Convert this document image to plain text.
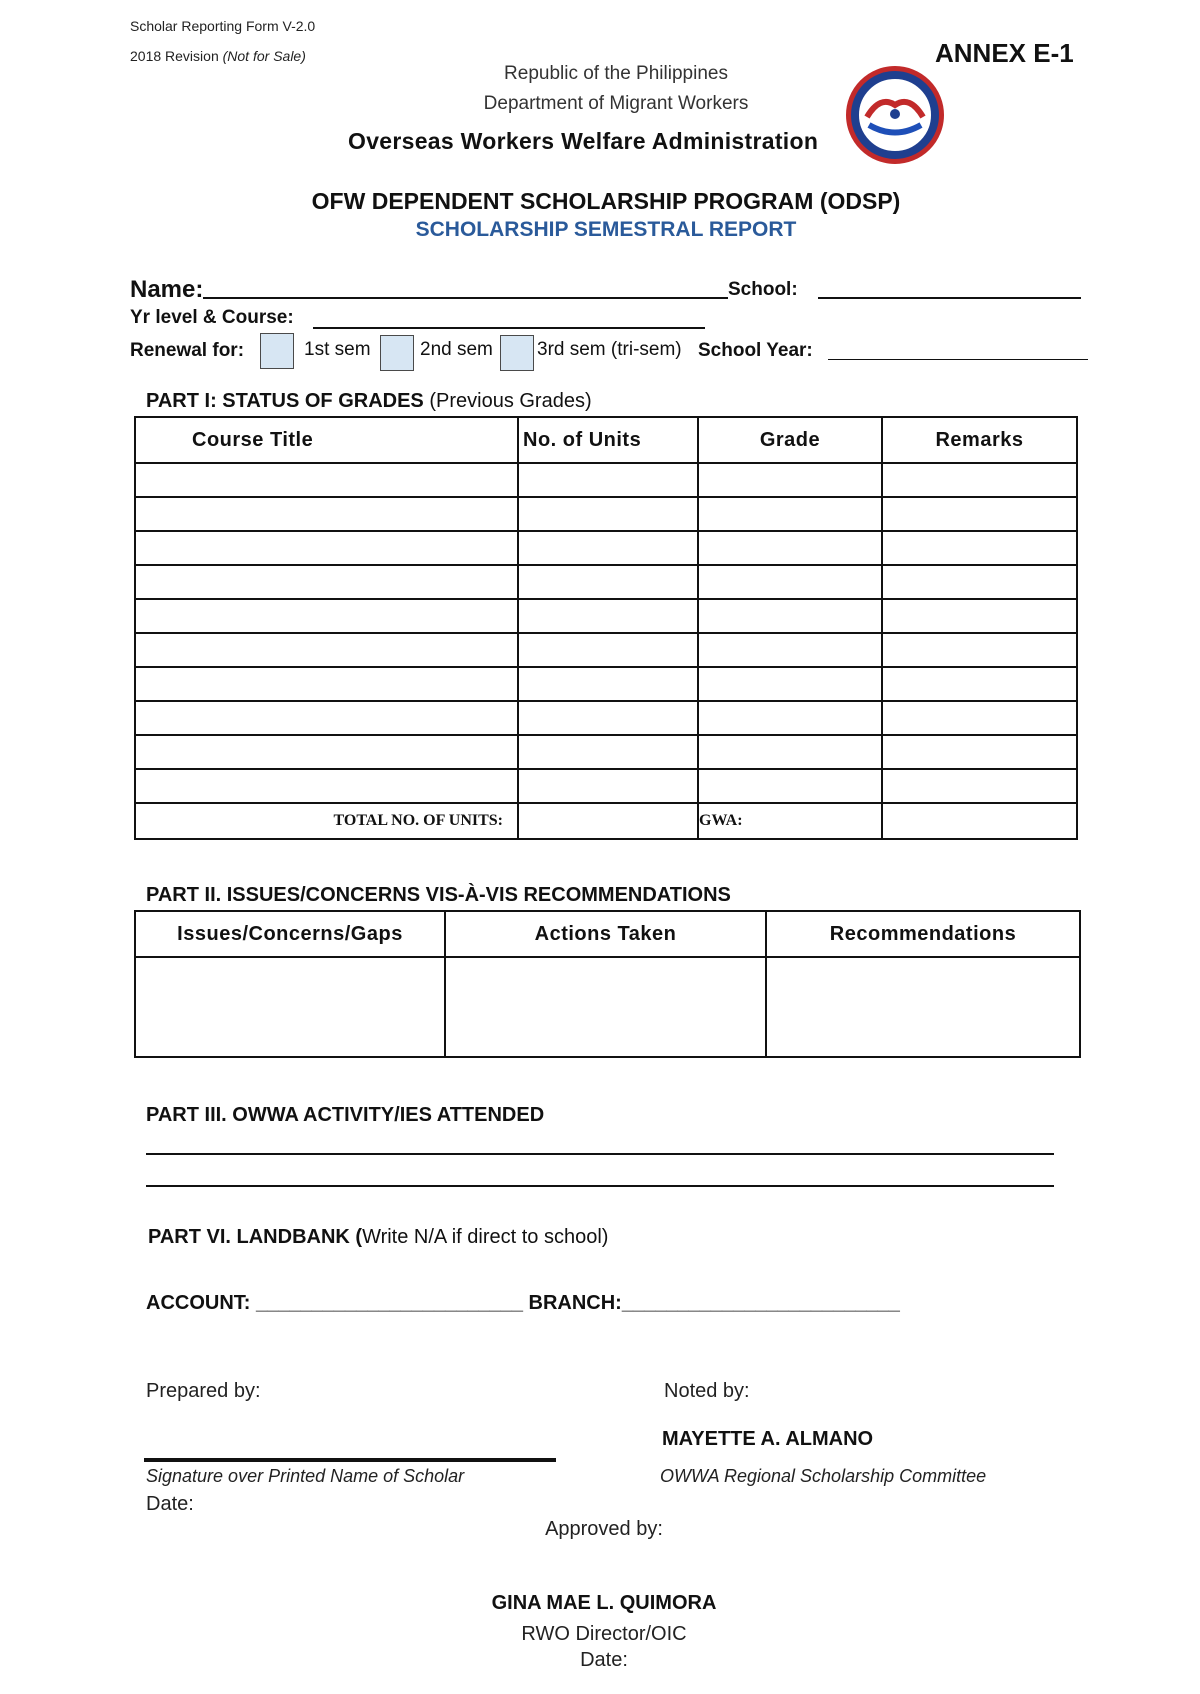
Scholar Reporting Form V-2.0
2018 Revision (Not for Sale)	ANNEX E-1
Republic of the Philippines
Department of Migrant Workers
Overseas Workers Welfare Administration
OFW DEPENDENT SCHOLARSHIP PROGRAM (ODSP)
SCHOLARSHIP SEMESTRAL REPORT
Name:	School:
Yr level & Course:
Renewal for:	1st sem	2nd sem 3rd sem (tri-sem) School Year:
PART I: STATUS OF GRADES (Previous Grades)
Course Title	No. of Units	Grade	Remarks

TOTAL NO. OF UNITS:		GWA:	
PART II. ISSUES/CONCERNS VIS-À-VIS RECOMMENDATIONS
Issues/Concerns/Gaps	Actions Taken	Recommendations

PART III. OWWA ACTIVITY/IES ATTENDED
PART VI. LANDBANK (Write N/A if direct to school)
ACCOUNT: ________________________ BRANCH:_________________________
Prepared by:
Signature over Printed Name of Scholar
Date:
Noted by:
MAYETTE A. ALMANO
OWWA Regional Scholarship Committee
Approved by:
GINA MAE L. QUIMORA
RWO Director/OIC
Date:
